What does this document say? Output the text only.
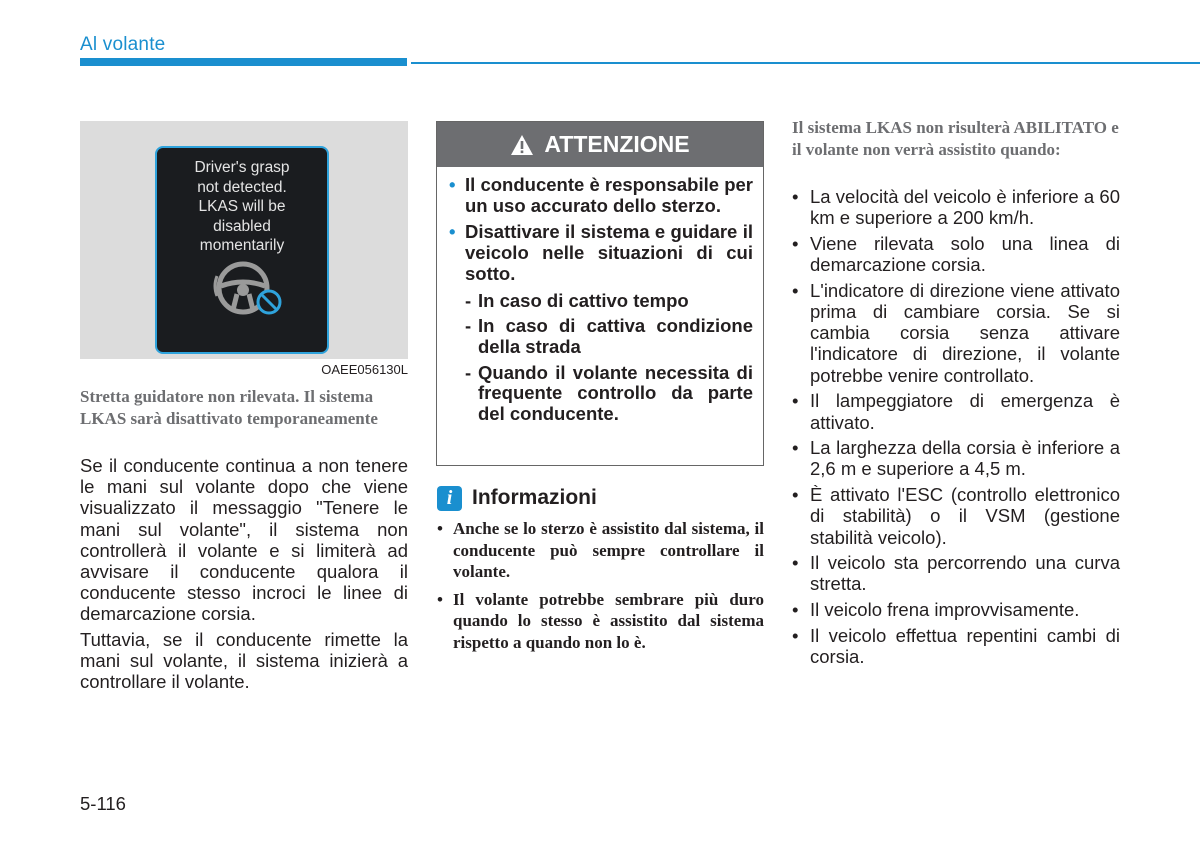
Al volante
Driver's grasp
not detected.
LKAS will be
disabled
momentarily
OAEE056130L
Stretta guidatore non rilevata. Il sistema LKAS sarà disattivato temporaneamente
Se il conducente continua a non tenere le mani sul volante dopo che viene visualizzato il messaggio "Tenere le mani sul volante", il sistema non controllerà il volante e si limiterà ad avvisare il conducente qualora il conducente stesso incroci le linee di demarcazione corsia.
Tuttavia, se il conducente rimette la mani sul volante, il sistema inizierà a controllare il volante.
ATTENZIONE
• Il conducente è responsabile per un uso accurato dello sterzo.
• Disattivare il sistema e guidare il veicolo nelle situazioni di cui sotto.
- In caso di cattivo tempo
- In caso di cattiva condizione della strada
- Quando il volante necessita di frequente controllo da parte del conducente.
i Informazioni
• Anche se lo sterzo è assistito dal sistema, il conducente può sempre controllare il volante.
• Il volante potrebbe sembrare più duro quando lo stesso è assistito dal sistema rispetto a quando non lo è.
Il sistema LKAS non risulterà ABILITATO e il volante non verrà assistito quando:
• La velocità del veicolo è inferiore a 60 km e superiore a 200 km/h.
• Viene rilevata solo una linea di demarcazione corsia.
• L'indicatore di direzione viene attivato prima di cambiare corsia. Se si cambia corsia senza attivare l'indicatore di direzione, il volante potrebbe venire controllato.
• Il lampeggiatore di emergenza è attivato.
• La larghezza della corsia è inferiore a 2,6 m e superiore a 4,5 m.
• È attivato l'ESC (controllo elettronico di stabilità) o il VSM (gestione stabilità veicolo).
• Il veicolo sta percorrendo una curva stretta.
• Il veicolo frena improvvisamente.
• Il veicolo effettua repentini cambi di corsia.
5-116
